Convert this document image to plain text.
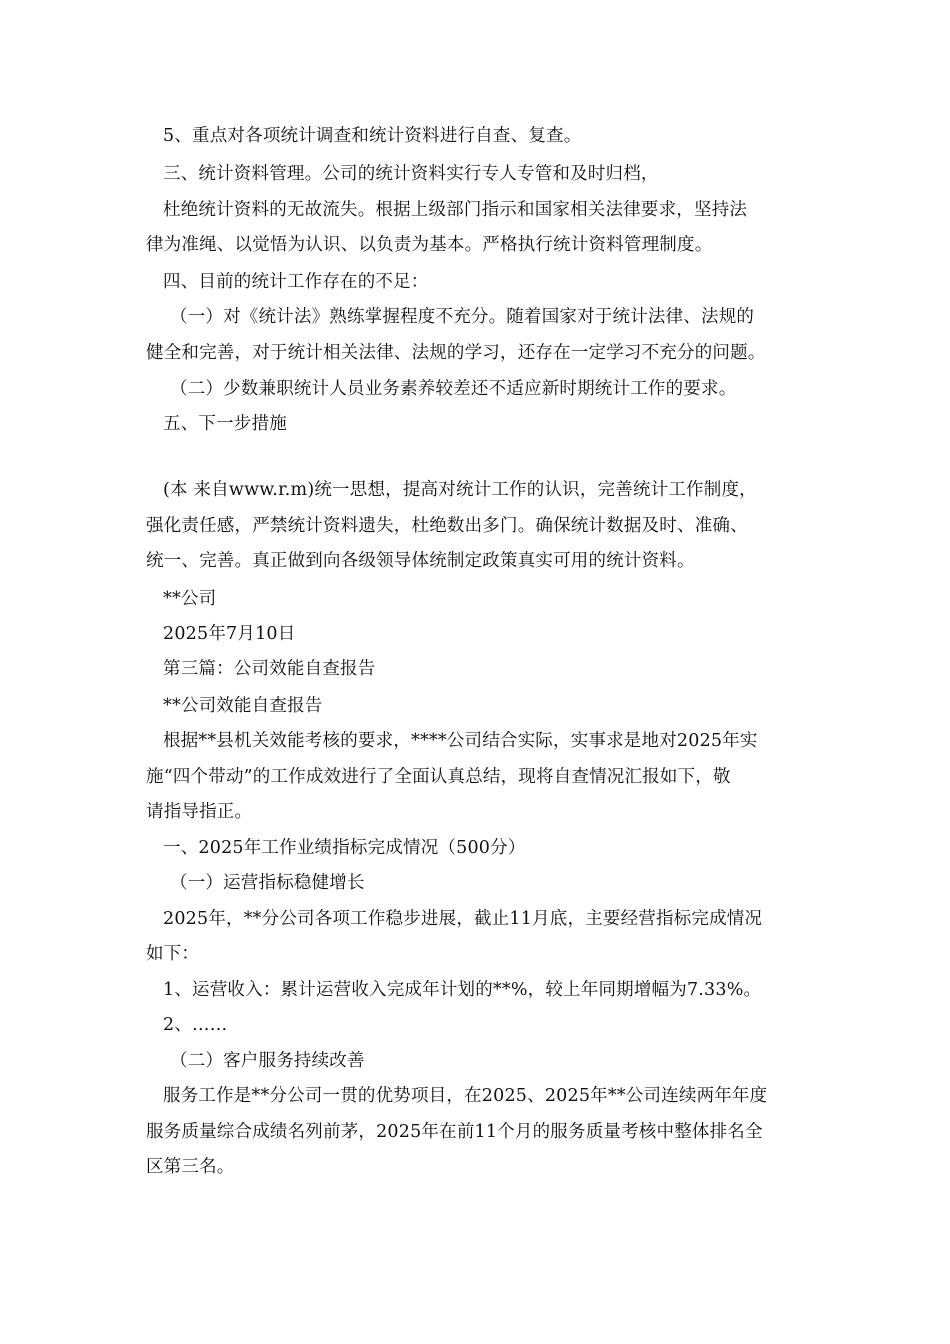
5、重点对各项统计调查和统计资料进行自查、复查。
三、统计资料管理。公司的统计资料实行专人专管和及时归档，
杜绝统计资料的无故流失。根据上级部门指示和国家相关法律要求，坚持法
律为准绳、以觉悟为认识、以负责为基本。严格执行统计资料管理制度。
四、目前的统计工作存在的不足：
（一）对《统计法》熟练掌握程度不充分。随着国家对于统计法律、法规的
健全和完善，对于统计相关法律、法规的学习，还存在一定学习不充分的问题。
（二）少数兼职统计人员业务素养较差还不适应新时期统计工作的要求。
五、下一步措施
(本 来自www.r.m)统一思想，提高对统计工作的认识，完善统计工作制度，
强化责任感，严禁统计资料遗失，杜绝数出多门。确保统计数据及时、准确、
统一、完善。真正做到向各级领导体统制定政策真实可用的统计资料。
**公司
2025年7月10日
第三篇：公司效能自查报告
**公司效能自查报告
根据**县机关效能考核的要求，****公司结合实际，实事求是地对2025年实
施“四个带动”的工作成效进行了全面认真总结，现将自查情况汇报如下，敬
请指导指正。
一、2025年工作业绩指标完成情况（500分）
（一）运营指标稳健增长
2025年，**分公司各项工作稳步进展，截止11月底，主要经营指标完成情况
如下：
1、运营收入：累计运营收入完成年计划的**%，较上年同期增幅为7.33%。
2、……
（二）客户服务持续改善
服务工作是**分公司一贯的优势项目，在2025、2025年**公司连续两年年度
服务质量综合成绩名列前茅，2025年在前11个月的服务质量考核中整体排名全
区第三名。
